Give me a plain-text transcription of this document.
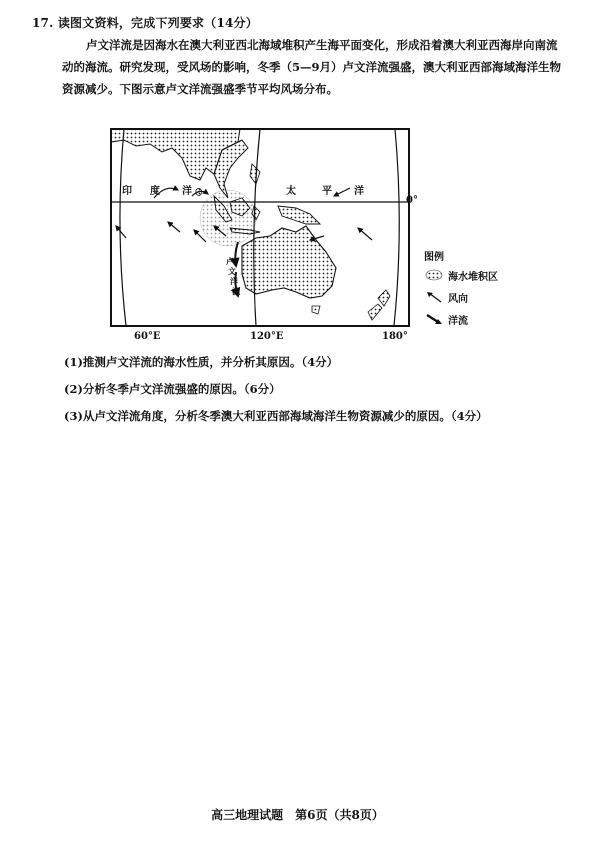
17. 读图文资料，完成下列要求（14分）
卢文洋流是因海水在澳大利亚西北海域堆积产生海平面变化，形成沿着澳大利亚西海岸向南流动的海流。研究发现，受风场的影响，冬季（5—9月）卢文洋流强盛，澳大利亚西部海域海洋生物资源减少。下图示意卢文洋流强盛季节平均风场分布。
印 度 洋	太	平 洋
卢
文
洋
流
0°
60°E	120°E	180°
图例
海水堆积区
风向
洋流
(1)推测卢文洋流的海水性质，并分析其原因。（4分）
(2)分析冬季卢文洋流强盛的原因。（6分）
(3)从卢文洋流角度，分析冬季澳大利亚西部海域海洋生物资源减少的原因。（4分）
高三地理试题　第6页（共8页）
